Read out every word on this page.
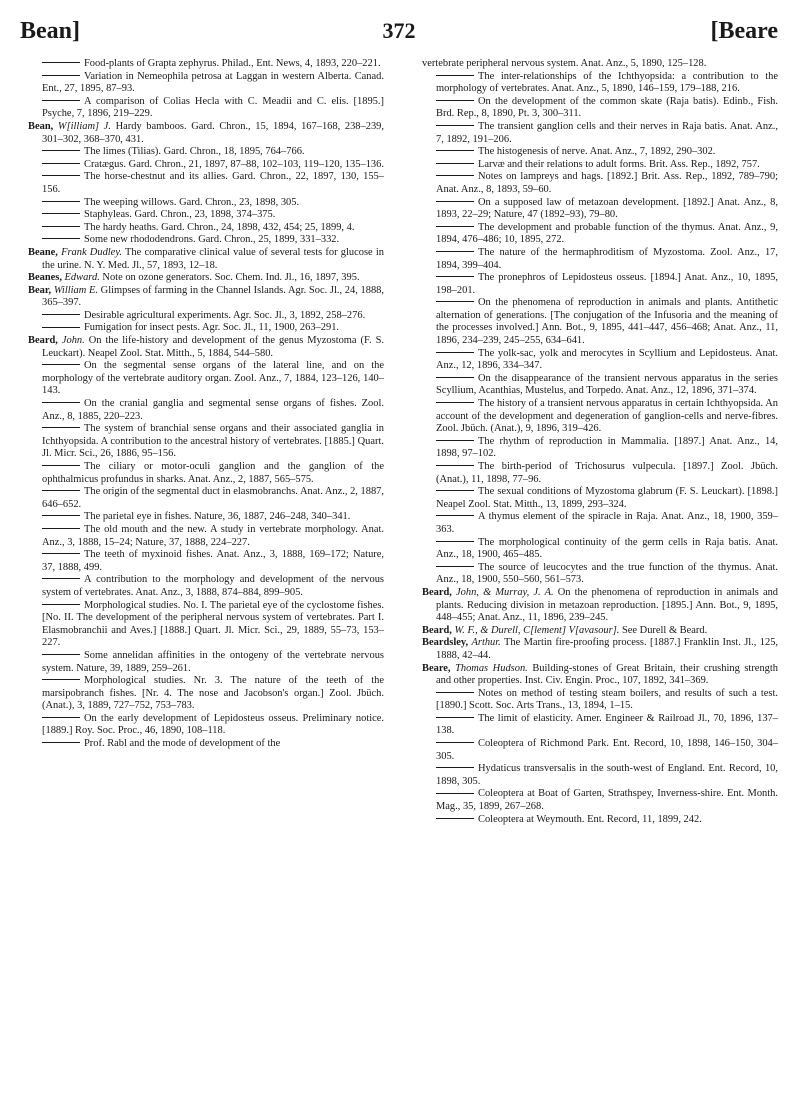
Bean]	372	[Beare

Food-plants of Grapta zephyrus. Philad., Ent. News, 4, 1893, 220–221.

Variation in Nemeophila petrosa at Laggan in western Alberta. Canad. Ent., 27, 1895, 87–93.

A comparison of Colias Hecla with C. Meadii and C. elis. [1895.] Psyche, 7, 1896, 219–229.

Bean, W[illiam] J. Hardy bamboos. Gard. Chron., 15, 1894, 167–168, 238–239, 301–302, 368–370, 431.

The limes (Tilias). Gard. Chron., 18, 1895, 764–766.

Cratægus. Gard. Chron., 21, 1897, 87–88, 102–103, 119–120, 135–136.

The horse-chestnut and its allies. Gard. Chron., 22, 1897, 130, 155–156.

The weeping willows. Gard. Chron., 23, 1898, 305.

Staphyleas. Gard. Chron., 23, 1898, 374–375.

The hardy heaths. Gard. Chron., 24, 1898, 432, 454; 25, 1899, 4.

Some new rhododendrons. Gard. Chron., 25, 1899, 331–332.

Beane, Frank Dudley. The comparative clinical value of several tests for glucose in the urine. N. Y. Med. Jl., 57, 1893, 12–18.

Beanes, Edward. Note on ozone generators. Soc. Chem. Ind. Jl., 16, 1897, 395.

Bear, William E. Glimpses of farming in the Channel Islands. Agr. Soc. Jl., 24, 1888, 365–397.

Desirable agricultural experiments. Agr. Soc. Jl., 3, 1892, 258–276.

Fumigation for insect pests. Agr. Soc. Jl., 11, 1900, 263–291.

Beard, John. On the life-history and development of the genus Myzostoma (F. S. Leuckart). Neapel Zool. Stat. Mitth., 5, 1884, 544–580.

On the segmental sense organs of the lateral line, and on the morphology of the vertebrate auditory organ. Zool. Anz., 7, 1884, 123–126, 140–143.

On the cranial ganglia and segmental sense organs of fishes. Zool. Anz., 8, 1885, 220–223.

The system of branchial sense organs and their associated ganglia in Ichthyopsida. A contribution to the ancestral history of vertebrates. [1885.] Quart. Jl. Micr. Sci., 26, 1886, 95–156.

The ciliary or motor-oculi ganglion and the ganglion of the ophthalmicus profundus in sharks. Anat. Anz., 2, 1887, 565–575.

The origin of the segmental duct in elasmobranchs. Anat. Anz., 2, 1887, 646–652.

The parietal eye in fishes. Nature, 36, 1887, 246–248, 340–341.

The old mouth and the new. A study in vertebrate morphology. Anat. Anz., 3, 1888, 15–24; Nature, 37, 1888, 224–227.

The teeth of myxinoid fishes. Anat. Anz., 3, 1888, 169–172; Nature, 37, 1888, 499.

A contribution to the morphology and development of the nervous system of vertebrates. Anat. Anz., 3, 1888, 874–884, 899–905.

Morphological studies. No. I. The parietal eye of the cyclostome fishes. [No. II. The development of the peripheral nervous system of vertebrates. Part I. Elasmobranchii and Aves.] [1888.] Quart. Jl. Micr. Sci., 29, 1889, 55–73, 153–227.

Some annelidan affinities in the ontogeny of the vertebrate nervous system. Nature, 39, 1889, 259–261.

Morphological studies. Nr. 3. The nature of the teeth of the marsipobranch fishes. [Nr. 4. The nose and Jacobson's organ.] Zool. Jbüch. (Anat.), 3, 1889, 727–752, 753–783.

On the early development of Lepidosteus osseus. Preliminary notice. [1889.] Roy. Soc. Proc., 46, 1890, 108–118.

Prof. Rabl and the mode of development of the

vertebrate peripheral nervous system. Anat. Anz., 5, 1890, 125–128.

The inter-relationships of the Ichthyopsida: a contribution to the morphology of vertebrates. Anat. Anz., 5, 1890, 146–159, 179–188, 216.

On the development of the common skate (Raja batis). Edinb., Fish. Brd. Rep., 8, 1890, Pt. 3, 300–311.

The transient ganglion cells and their nerves in Raja batis. Anat. Anz., 7, 1892, 191–206.

The histogenesis of nerve. Anat. Anz., 7, 1892, 290–302.

Larvæ and their relations to adult forms. Brit. Ass. Rep., 1892, 757.

Notes on lampreys and hags. [1892.] Brit. Ass. Rep., 1892, 789–790; Anat. Anz., 8, 1893, 59–60.

On a supposed law of metazoan development. [1892.] Anat. Anz., 8, 1893, 22–29; Nature, 47 (1892–93), 79–80.

The development and probable function of the thymus. Anat. Anz., 9, 1894, 476–486; 10, 1895, 272.

The nature of the hermaphroditism of Myzostoma. Zool. Anz., 17, 1894, 399–404.

The pronephros of Lepidosteus osseus. [1894.] Anat. Anz., 10, 1895, 198–201.

On the phenomena of reproduction in animals and plants. Antithetic alternation of generations. [The conjugation of the Infusoria and the meaning of the processes involved.] Ann. Bot., 9, 1895, 441–447, 456–468; Anat. Anz., 11, 1896, 234–239, 245–255, 634–641.

The yolk-sac, yolk and merocytes in Scyllium and Lepidosteus. Anat. Anz., 12, 1896, 334–347.

On the disappearance of the transient nervous apparatus in the series Scyllium, Acanthias, Mustelus, and Torpedo. Anat. Anz., 12, 1896, 371–374.

The history of a transient nervous apparatus in certain Ichthyopsida. An account of the development and degeneration of ganglion-cells and nerve-fibres. Zool. Jbüch. (Anat.), 9, 1896, 319–426.

The rhythm of reproduction in Mammalia. [1897.] Anat. Anz., 14, 1898, 97–102.

The birth-period of Trichosurus vulpecula. [1897.] Zool. Jbüch. (Anat.), 11, 1898, 77–96.

The sexual conditions of Myzostoma glabrum (F. S. Leuckart). [1898.] Neapel Zool. Stat. Mitth., 13, 1899, 293–324.

A thymus element of the spiracle in Raja. Anat. Anz., 18, 1900, 359–363.

The morphological continuity of the germ cells in Raja batis. Anat. Anz., 18, 1900, 465–485.

The source of leucocytes and the true function of the thymus. Anat. Anz., 18, 1900, 550–560, 561–573.

Beard, John, & Murray, J. A. On the phenomena of reproduction in animals and plants. Reducing division in metazoan reproduction. [1895.] Ann. Bot., 9, 1895, 448–455; Anat. Anz., 11, 1896, 239–245.

Beard, W. F., & Durell, C[lement] V[avasour]. See Durell & Beard.

Beardsley, Arthur. The Martin fire-proofing process. [1887.] Franklin Inst. Jl., 125, 1888, 42–44.

Beare, Thomas Hudson. Building-stones of Great Britain, their crushing strength and other properties. Inst. Civ. Engin. Proc., 107, 1892, 341–369.

Notes on method of testing steam boilers, and results of such a test. [1890.] Scott. Soc. Arts Trans., 13, 1894, 1–15.

The limit of elasticity. Amer. Engineer & Railroad Jl., 70, 1896, 137–138.

Coleoptera of Richmond Park. Ent. Record, 10, 1898, 146–150, 304–305.

Hydaticus transversalis in the south-west of England. Ent. Record, 10, 1898, 305.

Coleoptera at Boat of Garten, Strathspey, Inverness-shire. Ent. Month. Mag., 35, 1899, 267–268.

Coleoptera at Weymouth. Ent. Record, 11, 1899, 242.
